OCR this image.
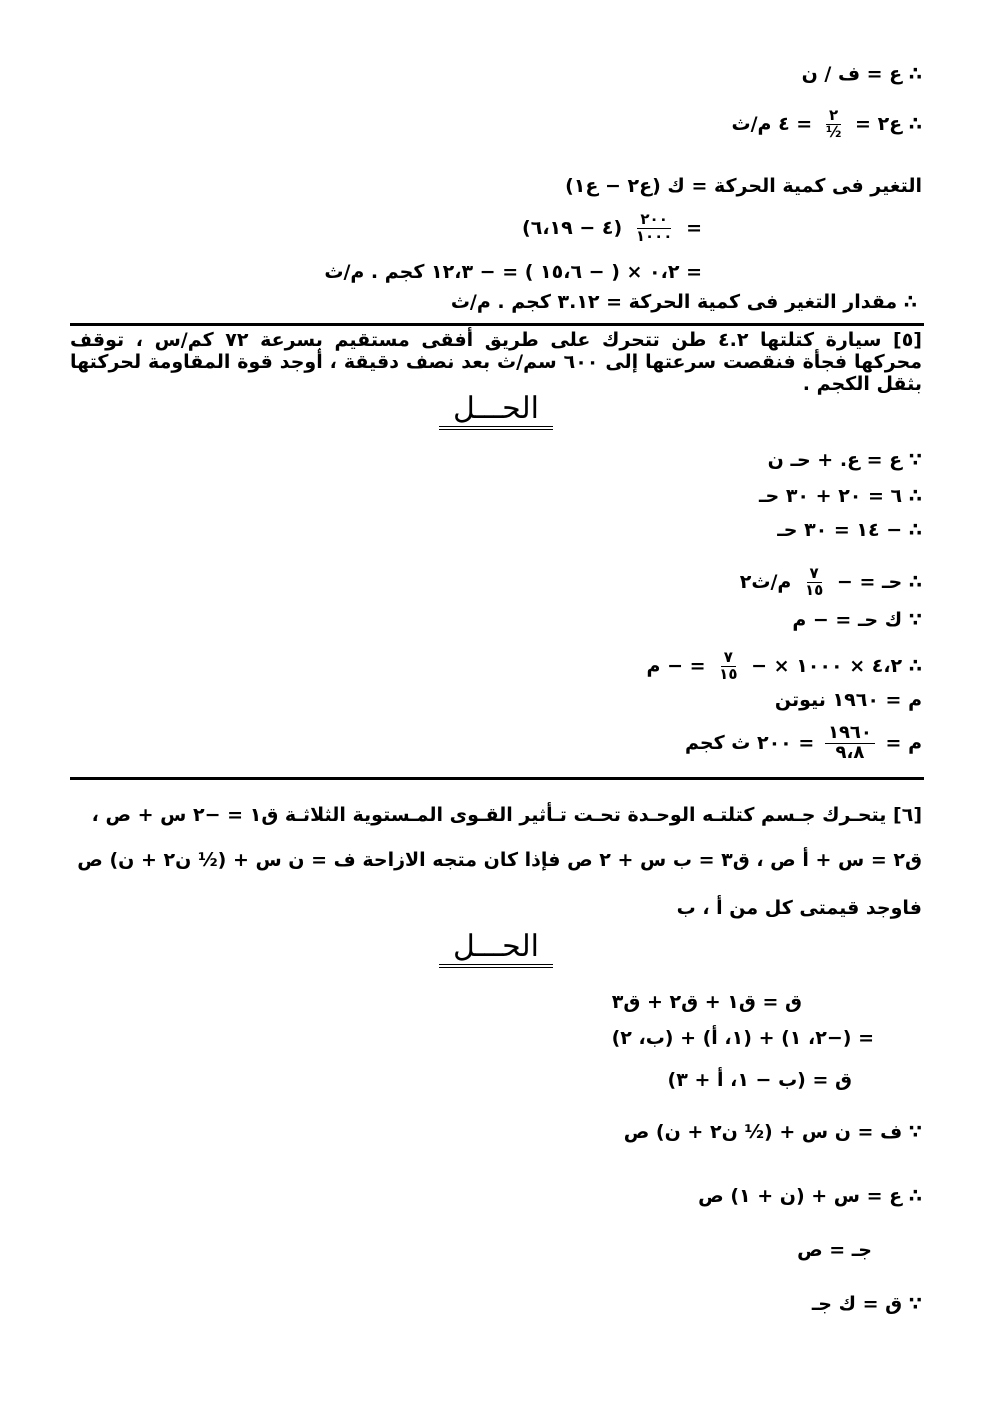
∴ ع = ف / ن
∴ ع٢ =
$\frac{٢}{\text{½}}$
= ٤ م/ث
التغير فى كمية الحركة = ك (ع٢ − ع١)
=
$\frac{٢٠٠}{١٠٠٠}$
(٤ − ٦،١٩)
= ٠،٢ × ( − ١٥،٦ ) = − ١٢،٣ كجم . م/ث
∴ مقدار التغير فى كمية الحركة = ٣.١٢ كجم . م/ث
[٥] سيارة كتلتها ٤.٢ طن تتحرك على طريق أفقى مستقيم بسرعة ٧٢ كم/س ، توقف محركها فجأة فنقصت سرعتها إلى ٦٠٠ سم/ث بعد نصف دقيقة ، أوجد قوة المقاومة لحركتها بثقل الكجم .
الحـــل
∵ ع = ع. + حـ ن
∴ ٦ = ٢٠ + ٣٠ حـ
∴ − ١٤ = ٣٠ حـ
∴ حـ = −
$\frac{٧}{١٥}$
م/ث٢
∵ ك حـ = − م
∴ ٤،٢ × ١٠٠٠ × −
$\frac{٧}{١٥}$
= − م
م = ١٩٦٠ نيوتن
م =
$\frac{١٩٦٠}{٩،٨}$
= ٢٠٠ ث كجم
[٦] يتحـرك جـسم كتلتـه الوحـدة تحـت تـأثير القـوى المـستوية الثلاثـة ق١ = −٢ س + ص ،
ق٢ = س + أ ص ، ق٣ = ب س + ٢ ص فإذا كان متجه الازاحة ف = ن س + (½ ن٢ + ن) ص
فاوجد قيمتى كل من أ ، ب
الحـــل
ق = ق١ + ق٢ + ق٣
= (−٢، ١) + (١، أ) + (ب، ٢)
ق = (ب − ١، أ + ٣)
∵ ف = ن س + (½ ن٢ + ن) ص
∴ ع = س + (ن + ١) ص
جـ = ص
∵ ق = ك جـ
